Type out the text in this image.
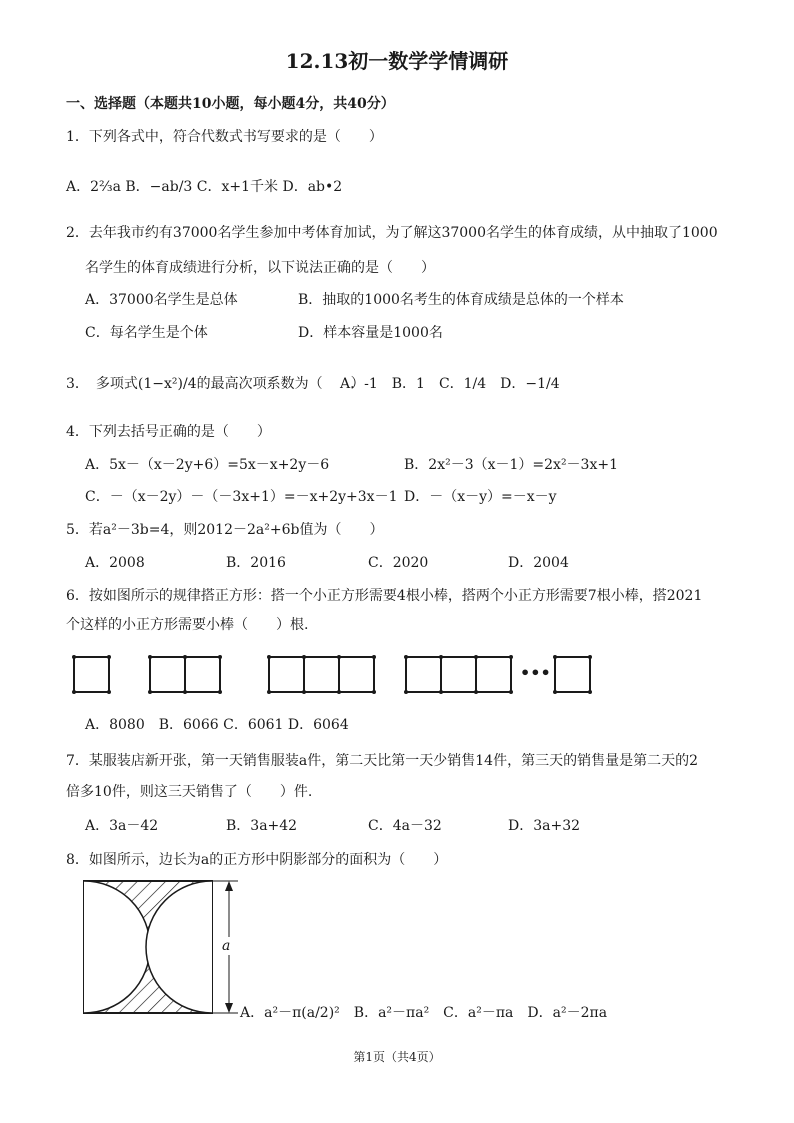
12.13初一数学学情调研
一、选择题（本题共10小题，每小题4分，共40分）
1．下列各式中，符合代数式书写要求的是（　　）
A．2⅔a B．−ab/3 C．x+1千米 D．ab•2
2．去年我市约有37000名学生参加中考体育加试，为了解这37000名学生的体育成绩，从中抽取了1000
名学生的体育成绩进行分析，以下说法正确的是（　　）
A．37000名学生是总体	B．抽取的1000名考生的体育成绩是总体的一个样本
C．每名学生是个体	D．样本容量是1000名
3．　多项式(1−x²)/4的最高次项系数为（　　）
A．-1　B．1　C．1/4　D．−1/4
4．下列去括号正确的是（　　）
A．5x－（x－2y+6）=5x－x+2y－6	B．2x²－3（x－1）=2x²－3x+1
C．－（x－2y）－（－3x+1）=－x+2y+3x－1 D．－（x－y）=－x－y
5．若a²－3b=4，则2012－2a²+6b值为（　　）
A．2008	B．2016	C．2020	D．2004
6．按如图所示的规律搭正方形：搭一个小正方形需要4根小棒，搭两个小正方形需要7根小棒，搭2021
个这样的小正方形需要小棒（　　）根.
•••
A．8080　B．6066 C．6061 D．6064
7．某服装店新开张，第一天销售服装a件，第二天比第一天少销售14件，第三天的销售量是第二天的2
倍多10件，则这三天销售了（　　）件.
A．3a－42	B．3a+42	C．4a－32	D．3a+32
8．如图所示，边长为a的正方形中阴影部分的面积为（　　）
a
A．a²－π(a/2)²　B．a²－πa²　C．a²－πa　D．a²－2πa
第1页（共4页）
